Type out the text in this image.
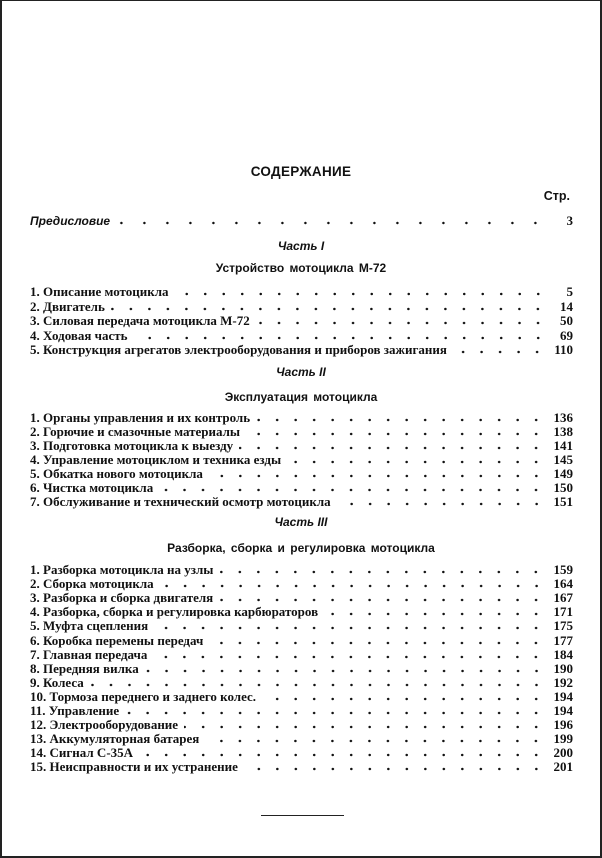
СОДЕРЖАНИЕ
Стр.
Предисловие	3
Часть I
Устройство мотоцикла М-72
1. Описание мотоцикла	5
2. Двигатель	14
3. Силовая передача мотоцикла М-72	50
4. Ходовая часть	69
5. Конструкция агрегатов электрооборудования и приборов зажигания	110
Часть II
Эксплуатация мотоцикла
1. Органы управления и их контроль	136
2. Горючие и смазочные материалы	138
3. Подготовка мотоцикла к выезду	141
4. Управление мотоциклом и техника езды	145
5. Обкатка нового мотоцикла	149
6. Чистка мотоцикла	150
7. Обслуживание и технический осмотр мотоцикла	151
Часть III
Разборка, сборка и регулировка мотоцикла
1. Разборка мотоцикла на узлы	159
2. Сборка мотоцикла	164
3. Разборка и сборка двигателя	167
4. Разборка, сборка и регулировка карбюраторов	171
5. Муфта сцепления	175
6. Коробка перемены передач	177
7. Главная передача	184
8. Передняя вилка	190
9. Колеса	192
10. Тормоза переднего и заднего колес.	194
11. Управление	194
12. Электрооборудование	196
13. Аккумуляторная батарея	199
14. Сигнал С-35А	200
15. Неисправности и их устранение	201
